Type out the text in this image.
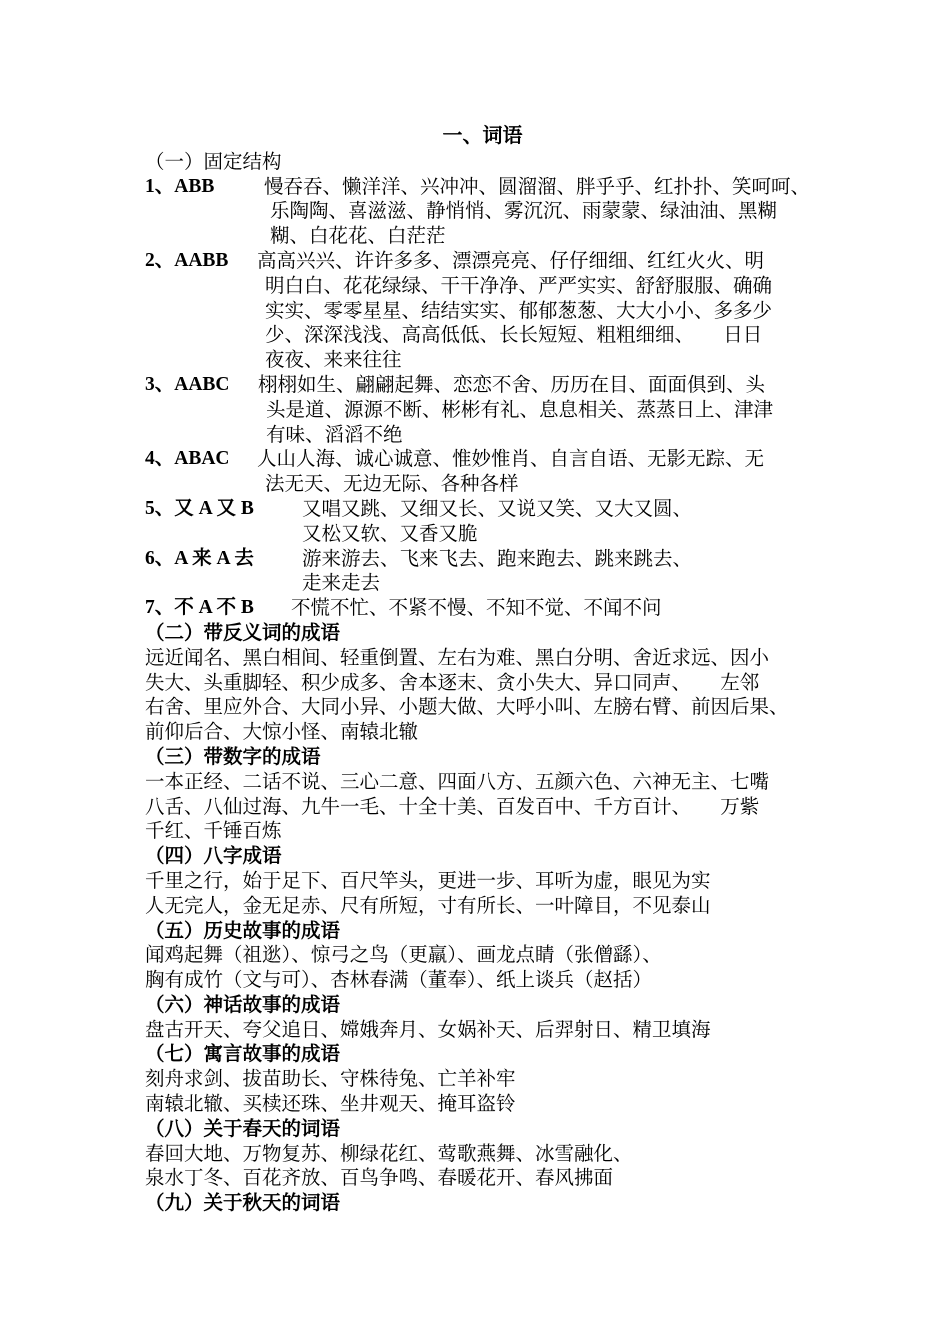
一、词语
（一）固定结构
1、ABB	慢吞吞、懒洋洋、兴冲冲、圆溜溜、胖乎乎、红扑扑、笑呵呵、
乐陶陶、喜滋滋、静悄悄、雾沉沉、雨蒙蒙、绿油油、黑糊
糊、白花花、白茫茫
2、AABB	高高兴兴、许许多多、漂漂亮亮、仔仔细细、红红火火、明
明白白、花花绿绿、干干净净、严严实实、舒舒服服、确确
实实、零零星星、结结实实、郁郁葱葱、大大小小、多多少
少、深深浅浅、高高低低、长长短短、粗粗细细、　　日日
夜夜、来来往往
3、AABC	栩栩如生、翩翩起舞、恋恋不舍、历历在目、面面俱到、头
头是道、源源不断、彬彬有礼、息息相关、蒸蒸日上、津津
有味、滔滔不绝
4、ABAC	人山人海、诚心诚意、惟妙惟肖、自言自语、无影无踪、无
法无天、无边无际、各种各样
5、又 A 又 B	又唱又跳、又细又长、又说又笑、又大又圆、
又松又软、又香又脆
6、A 来 A 去	游来游去、飞来飞去、跑来跑去、跳来跳去、
走来走去
7、不 A 不 B	不慌不忙、不紧不慢、不知不觉、不闻不问
（二）带反义词的成语
远近闻名、黑白相间、轻重倒置、左右为难、黑白分明、舍近求远、因小
失大、头重脚轻、积少成多、舍本逐末、贪小失大、异口同声、　　左邻
右舍、里应外合、大同小异、小题大做、大呼小叫、左膀右臂、前因后果、
前仰后合、大惊小怪、南辕北辙
（三）带数字的成语
一本正经、二话不说、三心二意、四面八方、五颜六色、六神无主、七嘴
八舌、八仙过海、九牛一毛、十全十美、百发百中、千方百计、　　万紫
千红、千锤百炼
（四）八字成语
千里之行，始于足下、百尺竿头，更进一步、耳听为虚，眼见为实
人无完人，金无足赤、尺有所短，寸有所长、一叶障目，不见泰山
（五）历史故事的成语
闻鸡起舞（祖逖）、惊弓之鸟（更羸）、画龙点睛（张僧繇）、
胸有成竹（文与可）、杏林春满（董奉）、纸上谈兵（赵括）
（六）神话故事的成语
盘古开天、夸父追日、嫦娥奔月、女娲补天、后羿射日、精卫填海
（七）寓言故事的成语
刻舟求剑、拔苗助长、守株待兔、亡羊补牢
南辕北辙、买椟还珠、坐井观天、掩耳盗铃
（八）关于春天的词语
春回大地、万物复苏、柳绿花红、莺歌燕舞、冰雪融化、
泉水丁冬、百花齐放、百鸟争鸣、春暖花开、春风拂面
（九）关于秋天的词语
